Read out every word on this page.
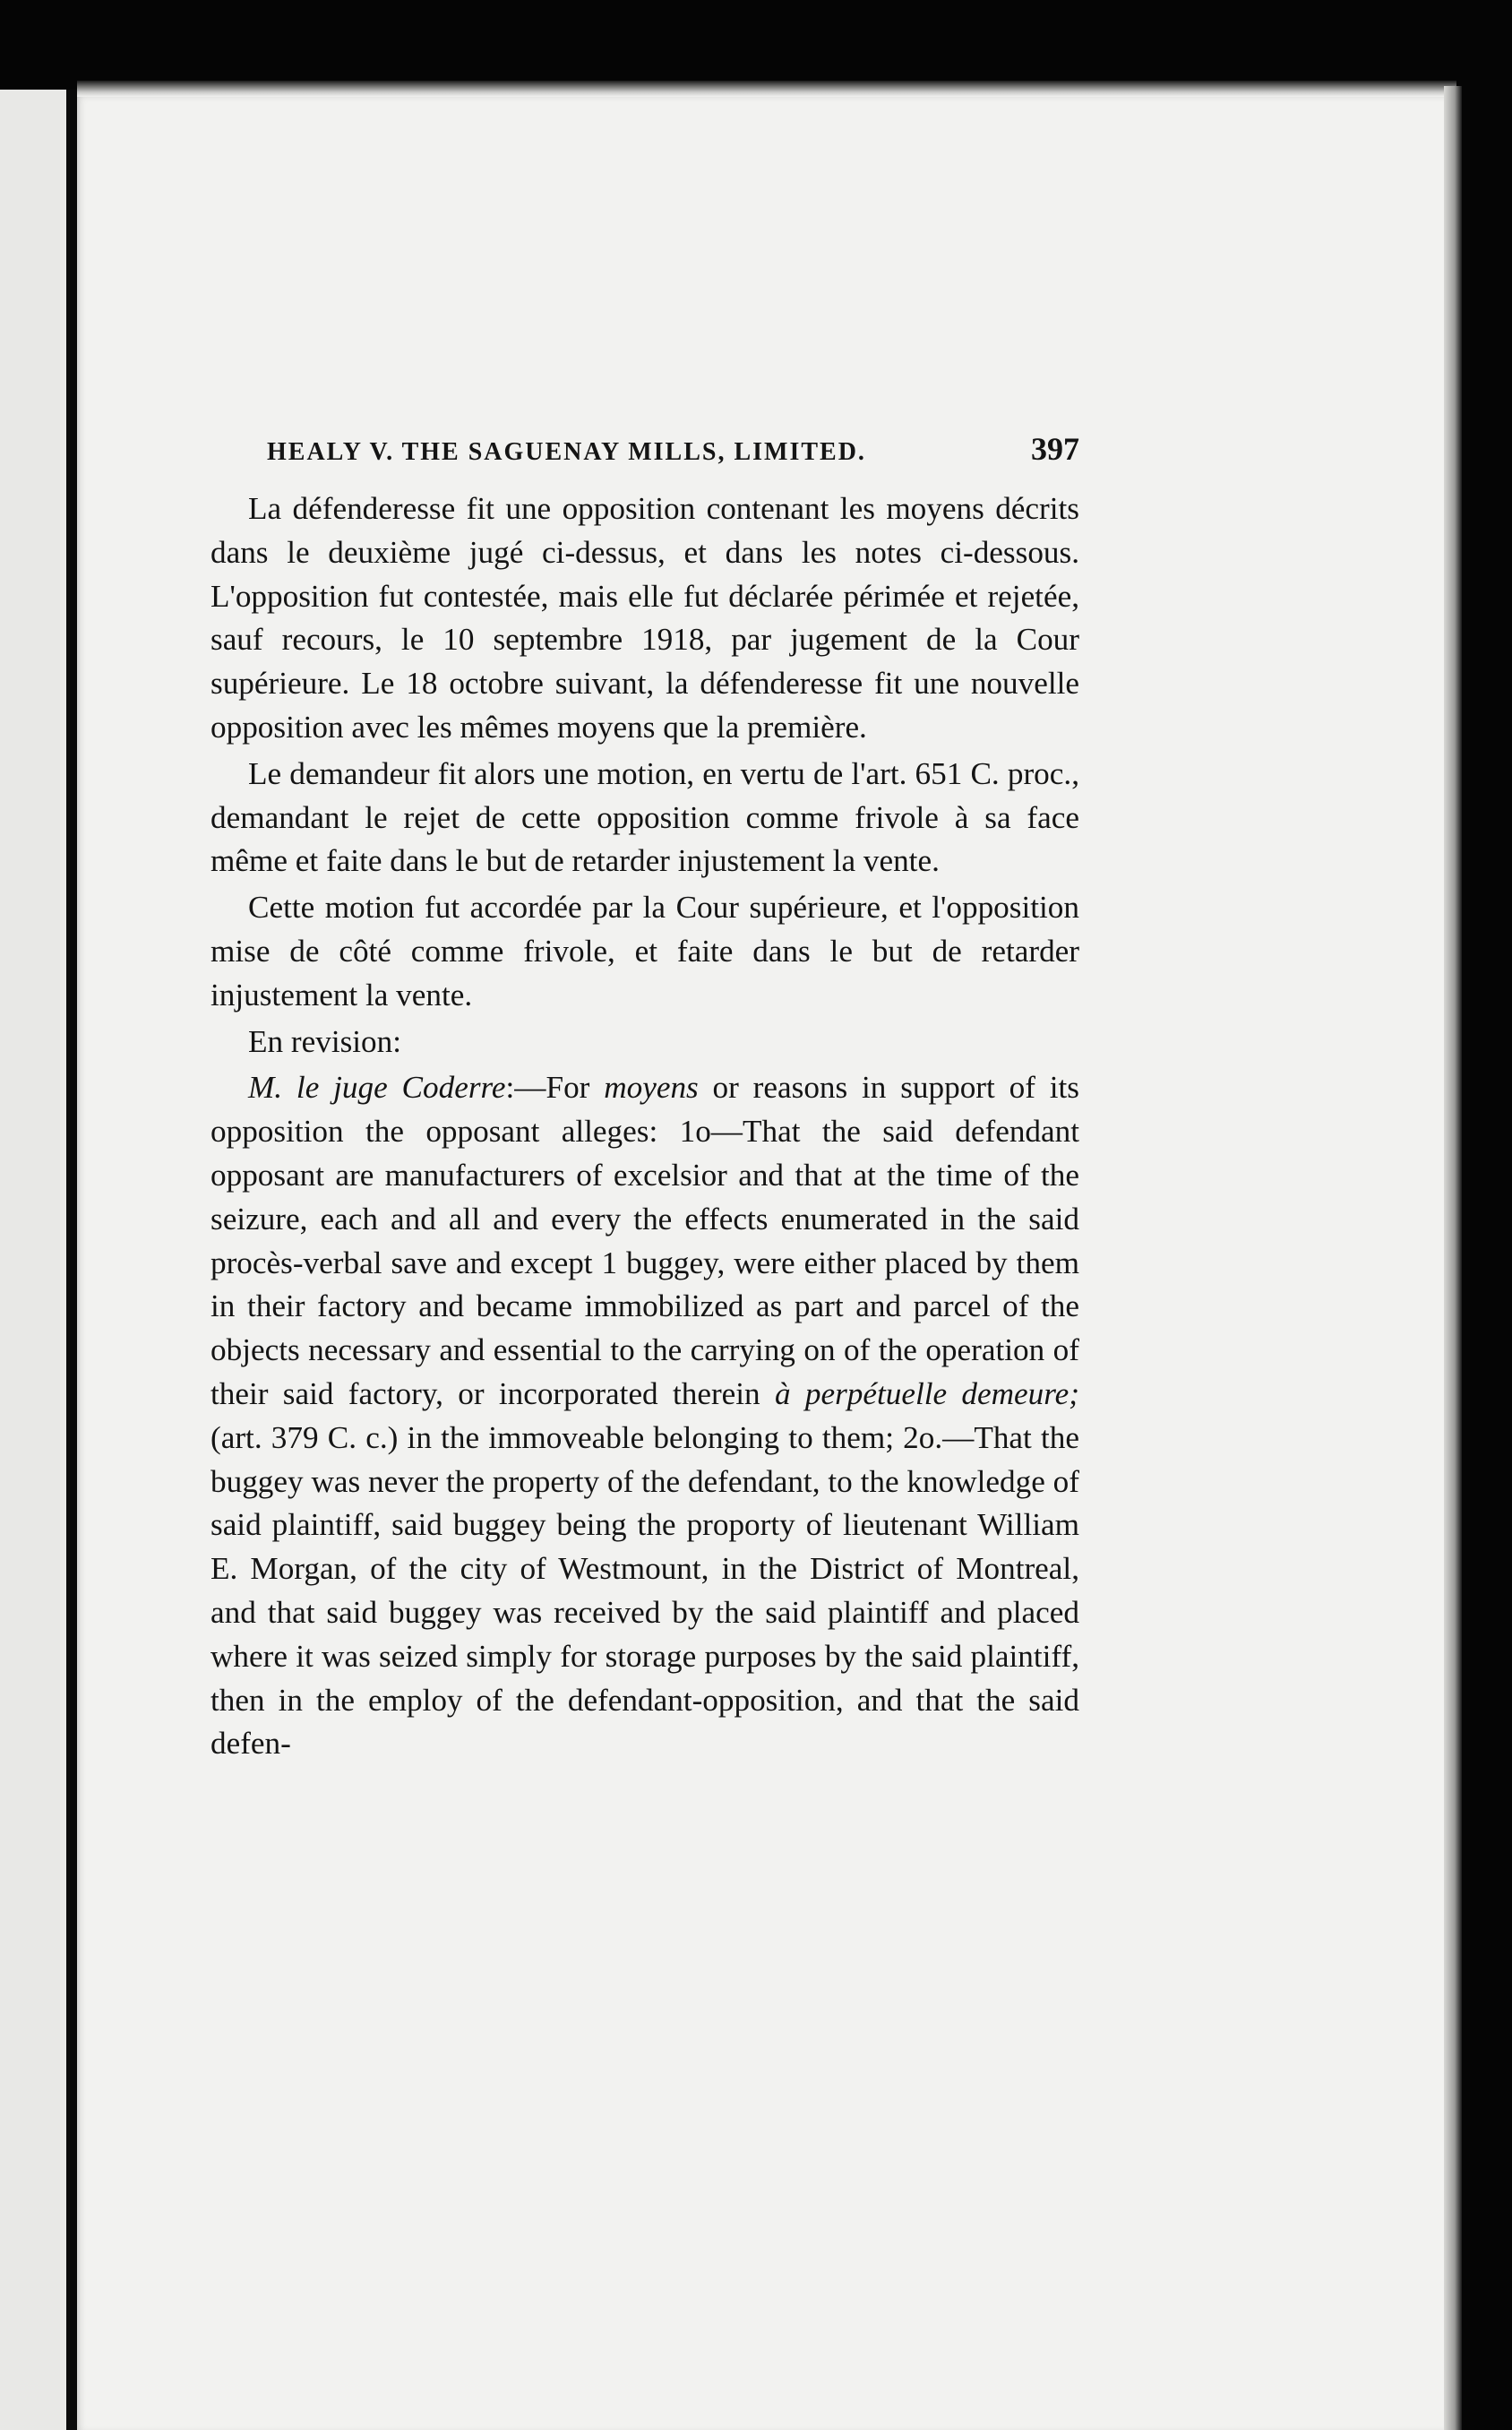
HEALY V. THE SAGUENAY MILLS, LIMITED.	397

La défenderesse fit une opposition contenant les moyens décrits dans le deuxième jugé ci-dessus, et dans les notes ci-dessous. L'opposition fut contestée, mais elle fut déclarée périmée et rejetée, sauf recours, le 10 septembre 1918, par jugement de la Cour supérieure. Le 18 octobre suivant, la défenderesse fit une nouvelle opposition avec les mêmes moyens que la première.

Le demandeur fit alors une motion, en vertu de l'art. 651 C. proc., demandant le rejet de cette opposition comme frivole à sa face même et faite dans le but de retarder injustement la vente.

Cette motion fut accordée par la Cour supérieure, et l'opposition mise de côté comme frivole, et faite dans le but de retarder injustement la vente.

En revision:

M. le juge Coderre:—For moyens or reasons in support of its opposition the opposant alleges: 1o—That the said defendant opposant are manufacturers of excelsior and that at the time of the seizure, each and all and every the effects enumerated in the said procès-verbal save and except 1 buggey, were either placed by them in their factory and became immobilized as part and parcel of the objects necessary and essential to the carrying on of the operation of their said factory, or incorporated therein à perpétuelle demeure; (art. 379 C. c.) in the immoveable belonging to them; 2o.—That the buggey was never the property of the defendant, to the knowledge of said plaintiff, said buggey being the proporty of lieutenant William E. Morgan, of the city of Westmount, in the District of Montreal, and that said buggey was received by the said plaintiff and placed where it was seized simply for storage purposes by the said plaintiff, then in the employ of the defendant-opposition, and that the said defen-
